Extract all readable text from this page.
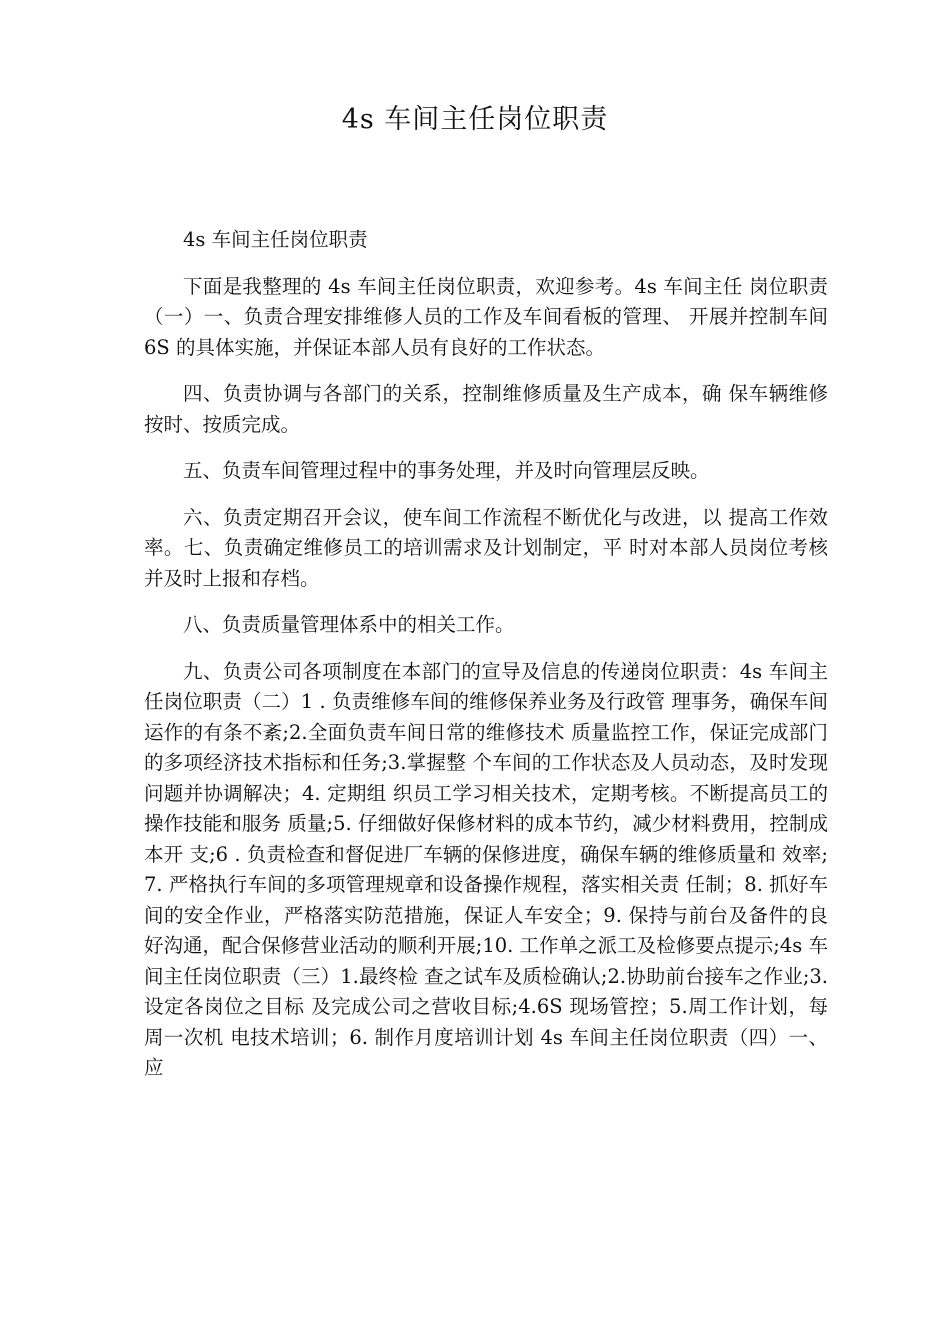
4s 车间主任岗位职责

4s 车间主任岗位职责

下面是我整理的 4s 车间主任岗位职责，欢迎参考。4s 车间主任 岗位职责（一）一、负责合理安排维修人员的工作及车间看板的管理、 开展并控制车间 6S 的具体实施，并保证本部人员有良好的工作状态。

四、负责协调与各部门的关系，控制维修质量及生产成本，确 保车辆维修按时、按质完成。

五、负责车间管理过程中的事务处理，并及时向管理层反映。

六、负责定期召开会议，使车间工作流程不断优化与改进，以 提高工作效率。七、负责确定维修员工的培训需求及计划制定，平 时对本部人员岗位考核并及时上报和存档。

八、负责质量管理体系中的相关工作。

九、负责公司各项制度在本部门的宣导及信息的传递岗位职责：4s 车间主任岗位职责（二）1 . 负责维修车间的维修保养业务及行政管 理事务，确保车间运作的有条不紊;2.全面负责车间日常的维修技术 质量监控工作，保证完成部门的多项经济技术指标和任务;3.掌握整 个车间的工作状态及人员动态，及时发现问题并协调解决；4. 定期组 织员工学习相关技术，定期考核。不断提高员工的操作技能和服务 质量;5. 仔细做好保修材料的成本节约，减少材料费用，控制成本开 支;6 . 负责检查和督促进厂车辆的保修进度，确保车辆的维修质量和 效率;7. 严格执行车间的多项管理规章和设备操作规程，落实相关责 任制；8. 抓好车间的安全作业，严格落实防范措施，保证人车安全；9. 保持与前台及备件的良好沟通，配合保修营业活动的顺利开展;10. 工作单之派工及检修要点提示;4s 车间主任岗位职责（三）1.最终检 查之试车及质检确认;2.协助前台接车之作业;3.设定各岗位之目标 及完成公司之营收目标;4.6S 现场管控；5.周工作计划，每周一次机 电技术培训；6. 制作月度培训计划 4s 车间主任岗位职责（四）一、应
